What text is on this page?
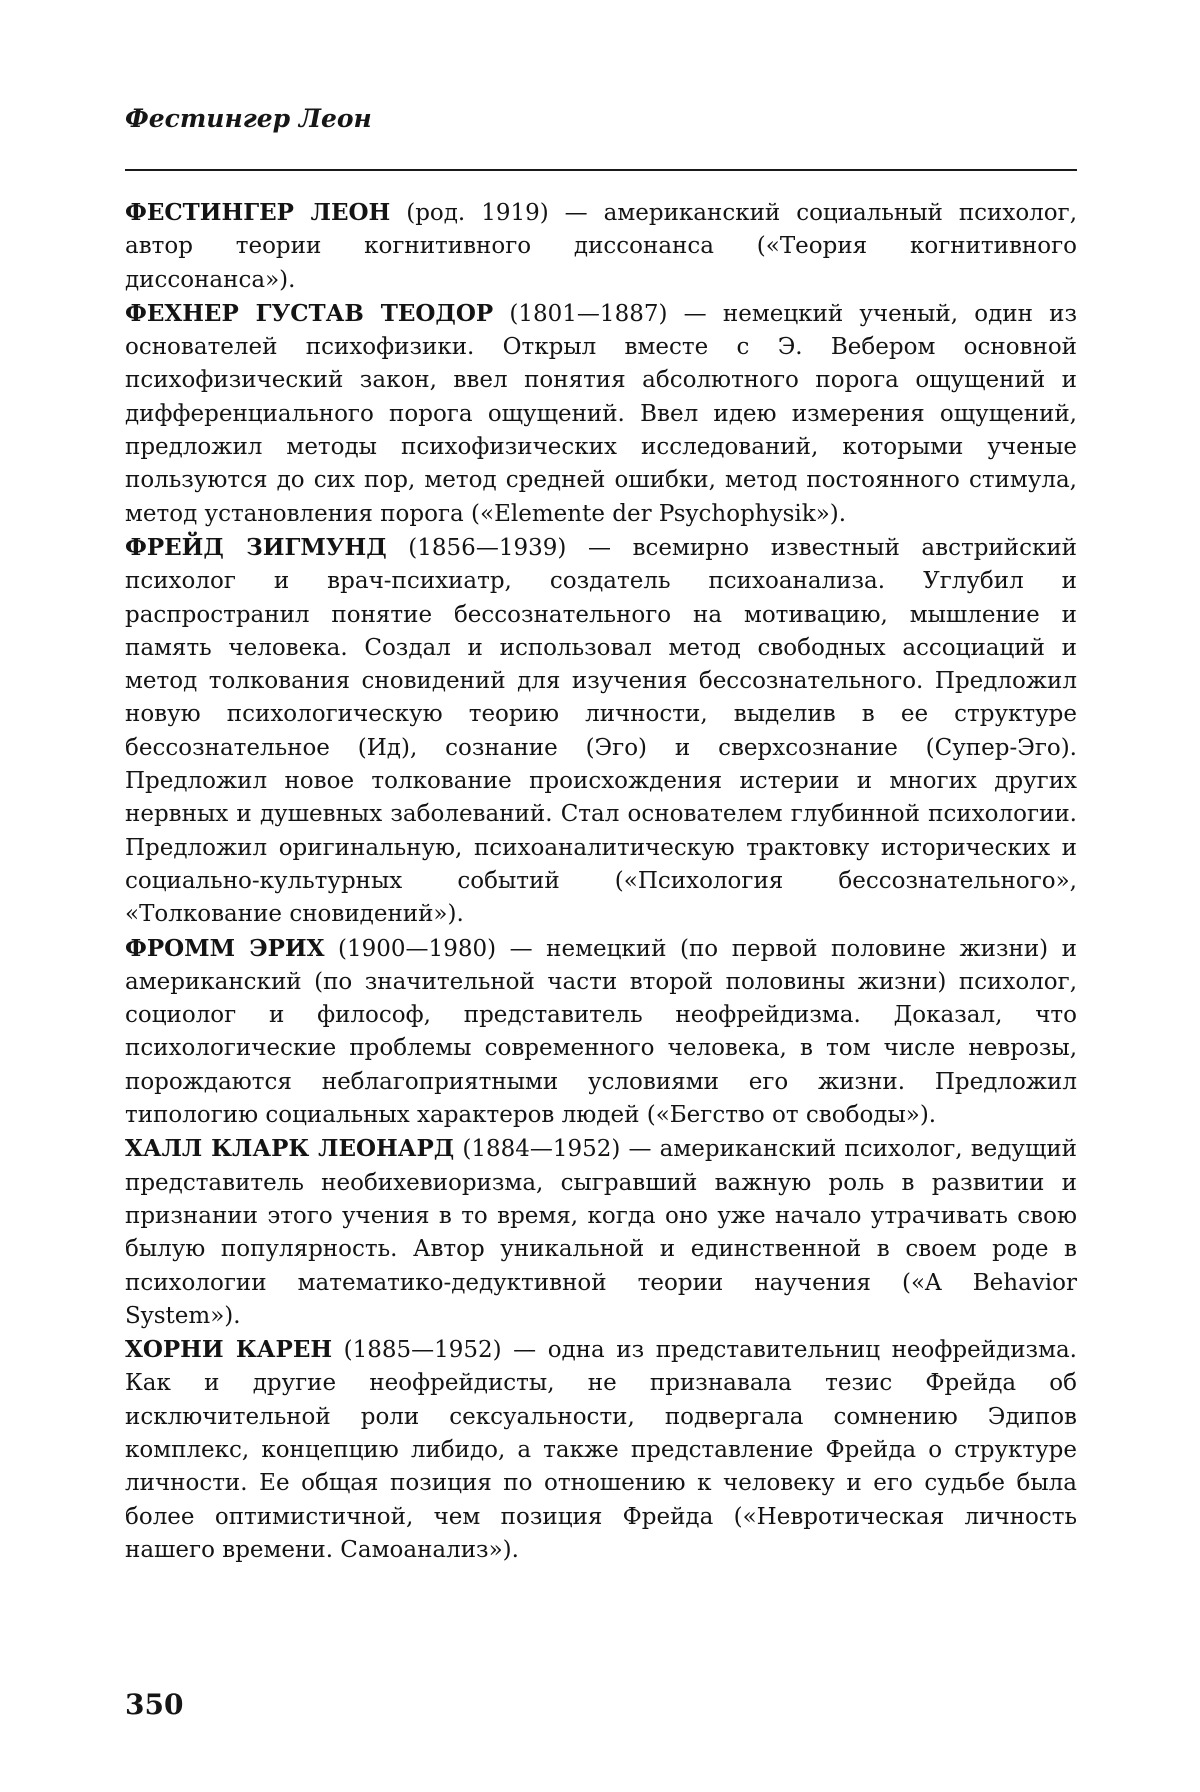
Фестингер Леон

ФЕСТИНГЕР ЛЕОН (род. 1919) — американский социальный психолог, автор теории когнитивного диссонанса («Теория когнитивного диссонанса»).

ФЕХНЕР ГУСТАВ ТЕОДОР (1801—1887) — немецкий ученый, один из основателей психофизики. Открыл вместе с Э. Вебером основной психофизический закон, ввел понятия абсолютного порога ощущений и дифференциального порога ощущений. Ввел идею измерения ощущений, предложил методы психофизических исследований, которыми ученые пользуются до сих пор, метод средней ошибки, метод постоянного стимула, метод установления порога («Elemente der Psychophysik»).

ФРЕЙД ЗИГМУНД (1856—1939) — всемирно известный австрийский психолог и врач-психиатр, создатель психоанализа. Углубил и распространил понятие бессознательного на мотивацию, мышление и память человека. Создал и использовал метод свободных ассоциаций и метод толкования сновидений для изучения бессознательного. Предложил новую психологическую теорию личности, выделив в ее структуре бессознательное (Ид), сознание (Эго) и сверхсознание (Супер-Эго). Предложил новое толкование происхождения истерии и многих других нервных и душевных заболеваний. Стал основателем глубинной психологии. Предложил оригинальную, психоаналитическую трактовку исторических и социально-культурных событий («Психология бессознательного», «Толкование сновидений»).

ФРОММ ЭРИХ (1900—1980) — немецкий (по первой половине жизни) и американский (по значительной части второй половины жизни) психолог, социолог и философ, представитель неофрейдизма. Доказал, что психологические проблемы современного человека, в том числе неврозы, порождаются неблагоприятными условиями его жизни. Предложил типологию социальных характеров людей («Бегство от свободы»).

ХАЛЛ КЛАРК ЛЕОНАРД (1884—1952) — американский психолог, ведущий представитель необихевиоризма, сыгравший важную роль в развитии и признании этого учения в то время, когда оно уже начало утрачивать свою былую популярность. Автор уникальной и единственной в своем роде в психологии математико-дедуктивной теории научения («A Behavior System»).

ХОРНИ КАРЕН (1885—1952) — одна из представительниц неофрейдизма. Как и другие неофрейдисты, не признавала тезис Фрейда об исключительной роли сексуальности, подвергала сомнению Эдипов комплекс, концепцию либидо, а также представление Фрейда о структуре личности. Ее общая позиция по отношению к человеку и его судьбе была более оптимистичной, чем позиция Фрейда («Невротическая личность нашего времени. Самоанализ»).

350
